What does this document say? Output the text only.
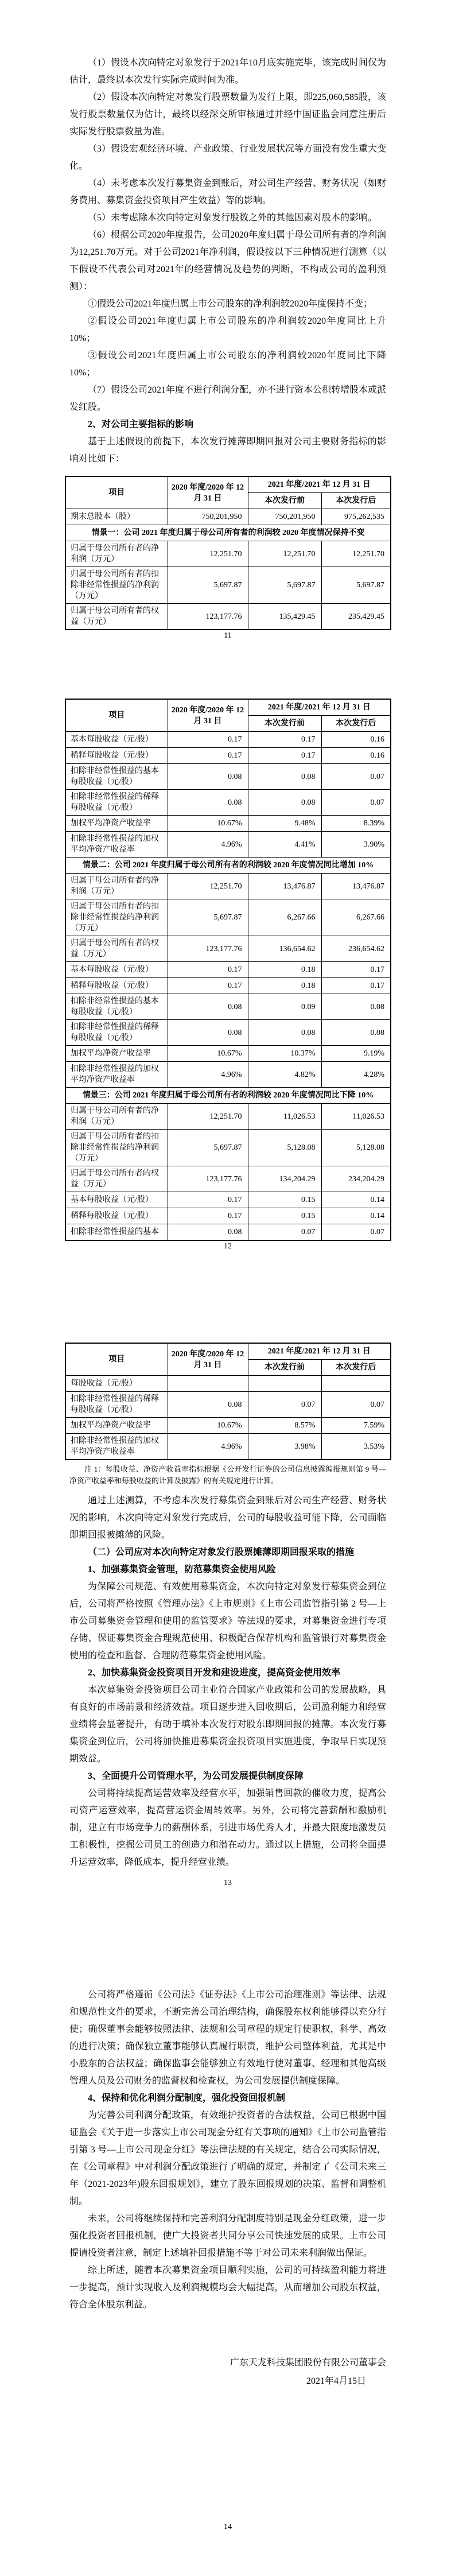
（1）假设本次向特定对象发行于2021年10月底实施完毕，该完成时间仅为估计，最终以本次发行实际完成时间为准。

（2）假设本次向特定对象发行股票数量为发行上限，即225,060,585股，该发行股票数量仅为估计，最终以经深交所审核通过并经中国证监会同意注册后实际发行股票数量为准。

（3）假设宏观经济环境、产业政策、行业发展状况等方面没有发生重大变化。

（4）未考虑本次发行募集资金到账后，对公司生产经营、财务状况（如财务费用、募集资金投资项目产生效益）等的影响。

（5）未考虑除本次向特定对象发行股数之外的其他因素对股本的影响。

（6）根据公司2020年度报告，公司2020年度归属于母公司所有者的净利润为12,251.70万元。对于公司2021年净利润，假设按以下三种情况进行测算（以下假设不代表公司对2021年的经营情况及趋势的判断，不构成公司的盈利预测）：

①假设公司2021年度归属上市公司股东的净利润较2020年度保持不变；

②假设公司2021年度归属上市公司股东的净利润较2020年度同比上升10%；

③假设公司2021年度归属上市公司股东的净利润较2020年度同比下降10%；

（7）假设公司2021年度不进行利润分配，亦不进行资本公积转增股本或派发红股。

2、对公司主要指标的影响

基于上述假设的前提下，本次发行摊薄即期回报对公司主要财务指标的影响对比如下：

项目	2020 年度/2020 年 12 月 31 日	2021 年度/2021 年 12 月 31 日	
		本次发行前	本次发行后
期末总股本（股）	750,201,950	750,201,950	975,262,535
情景一：公司 2021 年度归属于母公司所有者的利润较 2020 年度情况保持不变			
归属于母公司所有者的净利润（万元）	12,251.70	12,251.70	12,251.70
归属于母公司所有者的扣除非经常性损益的净利润（万元）	5,697.87	5,697.87	5,697.87
归属于母公司所有者的权益（万元）	123,177.76	135,429.45	235,429.45
11
项目	2020 年度/2020 年 12 月 31 日	2021 年度/2021 年 12 月 31 日	
		本次发行前	本次发行后
基本每股收益（元/股）	0.17	0.17	0.16
稀释每股收益（元/股）	0.17	0.17	0.16
扣除非经常性损益的基本每股收益（元/股）	0.08	0.08	0.07
扣除非经常性损益的稀释每股收益（元/股）	0.08	0.08	0.07
加权平均净资产收益率	10.67%	9.48%	8.39%
扣除非经常性损益的加权平均净资产收益率	4.96%	4.41%	3.90%
情景二：公司 2021 年度归属于母公司所有者的利润较 2020 年度情况同比增加 10%			
归属于母公司所有者的净利润（万元）	12,251.70	13,476.87	13,476.87
归属于母公司所有者的扣除非经常性损益的净利润（万元）	5,697.87	6,267.66	6,267.66
归属于母公司所有者的权益（万元）	123,177.76	136,654.62	236,654.62
基本每股收益（元/股）	0.17	0.18	0.17
稀释每股收益（元/股）	0.17	0.18	0.17
扣除非经常性损益的基本每股收益（元/股）	0.08	0.09	0.08
扣除非经常性损益的稀释每股收益（元/股）	0.08	0.08	0.08
加权平均净资产收益率	10.67%	10.37%	9.19%
扣除非经常性损益的加权平均净资产收益率	4.96%	4.82%	4.28%
情景三：公司 2021 年度归属于母公司所有者的利润较 2020 年度情况同比下降 10%			
归属于母公司所有者的净利润（万元）	12,251.70	11,026.53	11,026.53
归属于母公司所有者的扣除非经常性损益的净利润（万元）	5,697.87	5,128.08	5,128.08
归属于母公司所有者的权益（万元）	123,177.76	134,204.29	234,204.29
基本每股收益（元/股）	0.17	0.15	0.14
稀释每股收益（元/股）	0.17	0.15	0.14
扣除非经常性损益的基本	0.08	0.07	0.07
12
项目	2020 年度/2020 年 12 月 31 日	2021 年度/2021 年 12 月 31 日	
		本次发行前	本次发行后
每股收益（元/股）			
扣除非经常性损益的稀释每股收益（元/股）	0.08	0.07	0.07
加权平均净资产收益率	10.67%	8.57%	7.59%
扣除非经常性损益的加权平均净资产收益率	4.96%	3.98%	3.53%

注 1：每股收益、净资产收益率指标根据《公开发行证券的公司信息披露编报规则第 9 号—净资产收益率和每股收益的计算及披露》的有关规定进行计算。

通过上述测算，不考虑本次发行募集资金到账后对公司生产经营、财务状况的影响，本次向特定对象发行完成后，公司的每股收益可能下降，公司面临即期回报被摊薄的风险。

（二）公司应对本次向特定对象发行股票摊薄即期回报采取的措施

1、加强募集资金管理，防范募集资金使用风险

为保障公司规范、有效使用募集资金，本次向特定对象发行募集资金到位后，公司将严格按照《管理办法》《上市规则》《上市公司监管指引第 2 号—上市公司募集资金管理和使用的监管要求》等法规的要求，对募集资金进行专项存储、保证募集资金合理规范使用、积极配合保荐机构和监管银行对募集资金使用的检查和监督、合理防范募集资金使用风险。

2、加快募集资金投资项目开发和建设进度，提高资金使用效率

本次募集资金投资项目公司主业符合国家产业政策和公司的发展战略，具有良好的市场前景和经济效益。项目逐步进入回收期后，公司盈利能力和经营业绩将会显著提升，有助于填补本次发行对股东即期回报的摊薄。本次发行募集资金到位后，公司将加快推进募集资金投资项目实施进度，争取早日实现预期效益。

3、全面提升公司管理水平，为公司发展提供制度保障

公司将持续提高运营效率及经营水平，加强销售回款的催收力度，提高公司资产运营效率，提高营运资金周转效率。另外，公司将完善薪酬和激励机制，建立有市场竞争力的薪酬体系，引进市场优秀人才，并最大限度地激发员工积极性，挖掘公司员工的创造力和潜在动力。通过以上措施，公司将全面提升运营效率，降低成本，提升经营业绩。

13

公司将严格遵循《公司法》《证券法》《上市公司治理准则》等法律、法规和规范性文件的要求，不断完善公司治理结构，确保股东权利能够得以充分行使；确保董事会能够按照法律、法规和公司章程的规定行使职权，科学、高效的进行决策；确保独立董事能够认真履行职责，维护公司整体利益，尤其是中小股东的合法权益；确保监事会能够独立有效地行使对董事、经理和其他高级管理人员及公司财务的监督权和检查权，为公司发展提供制度保障。

4、保持和优化利润分配制度，强化投资回报机制

为完善公司利润分配政策，有效维护投资者的合法权益，公司已根据中国证监会《关于进一步落实上市公司现金分红有关事项的通知》《上市公司监管指引第 3 号—上市公司现金分红》等法律法规的有关规定，结合公司实际情况，在《公司章程》中对利润分配政策进行了明确的规定，并制定了《公司未来三年（2021-2023年)股东回报规划》，建立了股东回报规划的决策、监督和调整机制。

未来，公司将继续保持和完善利润分配制度特别是现金分红政策，进一步强化投资者回报机制，使广大投资者共同分享公司快速发展的成果。上市公司提请投资者注意，制定上述填补回报措施不等于对公司未来利润做出保证。

综上所述，随着本次募集资金项目顺利实施，公司的可持续盈利能力将进一步提高，预计实现收入及利润规模均会大幅提高，从而增加公司股东权益，符合全体股东利益。

广东天龙科技集团股份有限公司董事会

2021年4月15日

14
